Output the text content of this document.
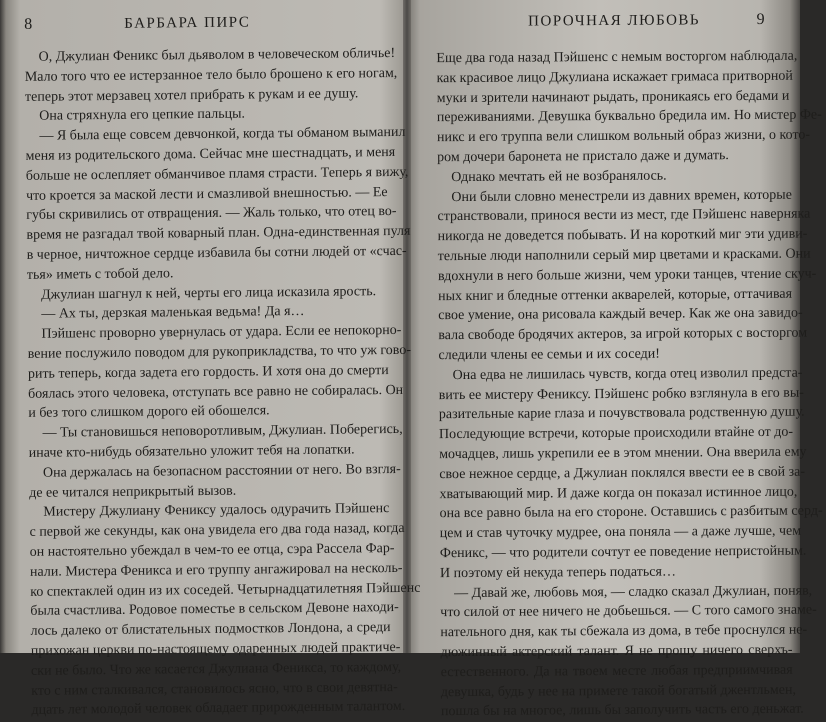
8	БАРБАРА ПИРС
О, Джулиан Феникс был дьяволом в человеческом обличье!
Мало того что ее истерзанное тело было брошено к его ногам,
теперь этот мерзавец хотел прибрать к рукам и ее душу.
Она стряхнула его цепкие пальцы.
— Я была еще совсем девчонкой, когда ты обманом выманил
меня из родительского дома. Сейчас мне шестнадцать, и меня
больше не ослепляет обманчивое пламя страсти. Теперь я вижу,
что кроется за маской лести и смазливой внешностью. — Ее
губы скривились от отвращения. — Жаль только, что отец во-
время не разгадал твой коварный план. Одна-единственная пуля
в черное, ничтожное сердце избавила бы сотни людей от «счас-
тья» иметь с тобой дело.
Джулиан шагнул к ней, черты его лица исказила ярость.
— Ах ты, дерзкая маленькая ведьма! Да я…
Пэйшенс проворно увернулась от удара. Если ее непокорно-
вение послужило поводом для рукоприкладства, то что уж гово-
рить теперь, когда задета его гордость. И хотя она до смерти
боялась этого человека, отступать все равно не собиралась. Он
и без того слишком дорого ей обошелся.
— Ты становишься неповоротливым, Джулиан. Поберегись,
иначе кто-нибудь обязательно уложит тебя на лопатки.
Она держалась на безопасном расстоянии от него. Во взгля-
де ее читался неприкрытый вызов.
Мистеру Джулиану Фениксу удалось одурачить Пэйшенс
с первой же секунды, как она увидела его два года назад, когда
он настоятельно убеждал в чем-то ее отца, сэра Рассела Фар-
нали. Мистера Феникса и его труппу ангажировал на несколь-
ко спектаклей один из их соседей. Четырнадцатилетняя Пэйшенс
была счастлива. Родовое поместье в сельском Девоне находи-
лось далеко от блистательных подмостков Лондона, а среди
прихожан церкви по-настоящему одаренных людей практиче-
ски не было. Что же касается Джулиана Феникса, то каждому,
кто с ним сталкивался, становилось ясно, что в свои девятна-
дцать лет молодой человек обладает прирожденным талантом.
ПОРОЧНАЯ ЛЮБОВЬ	9
Еще два года назад Пэйшенс с немым восторгом наблюдала,
как красивое лицо Джулиана искажает гримаса притворной
муки и зрители начинают рыдать, проникаясь его бедами и
переживаниями. Девушка буквально бредила им. Но мистер Фе-
никс и его труппа вели слишком вольный образ жизни, о кото-
ром дочери баронета не пристало даже и думать.
Однако мечтать ей не возбранялось.
Они были словно менестрели из давних времен, которые
странствовали, принося вести из мест, где Пэйшенс наверняка
никогда не доведется побывать. И на короткий миг эти удиви-
тельные люди наполнили серый мир цветами и красками. Они
вдохнули в него больше жизни, чем уроки танцев, чтение скуч-
ных книг и бледные оттенки акварелей, которые, оттачивая
свое умение, она рисовала каждый вечер. Как же она завидо-
вала свободе бродячих актеров, за игрой которых с восторгом
следили члены ее семьи и их соседи!
Она едва не лишилась чувств, когда отец изволил предста-
вить ее мистеру Фениксу. Пэйшенс робко взглянула в его вы-
разительные карие глаза и почувствовала родственную душу.
Последующие встречи, которые происходили втайне от до-
мочадцев, лишь укрепили ее в этом мнении. Она вверила ему
свое нежное сердце, а Джулиан поклялся ввести ее в свой за-
хватывающий мир. И даже когда он показал истинное лицо,
она все равно была на его стороне. Оставшись с разбитым серд-
цем и став чуточку мудрее, она поняла — а даже лучше, чем
Феникс, — что родители сочтут ее поведение непристойным.
И поэтому ей некуда теперь податься…
— Давай же, любовь моя, — сладко сказал Джулиан, поняв,
что силой от нее ничего не добьешься. — С того самого знаме-
нательного дня, как ты сбежала из дома, в тебе проснулся не-
дюжинный актерский талант. Я не прошу ничего сверхъ-
естественного. Да на твоем месте любая предприимчивая
девушка, будь у нее на примете такой богатый джентльмен,
пошла бы на многое, лишь бы заполучить часть его деньжат.
